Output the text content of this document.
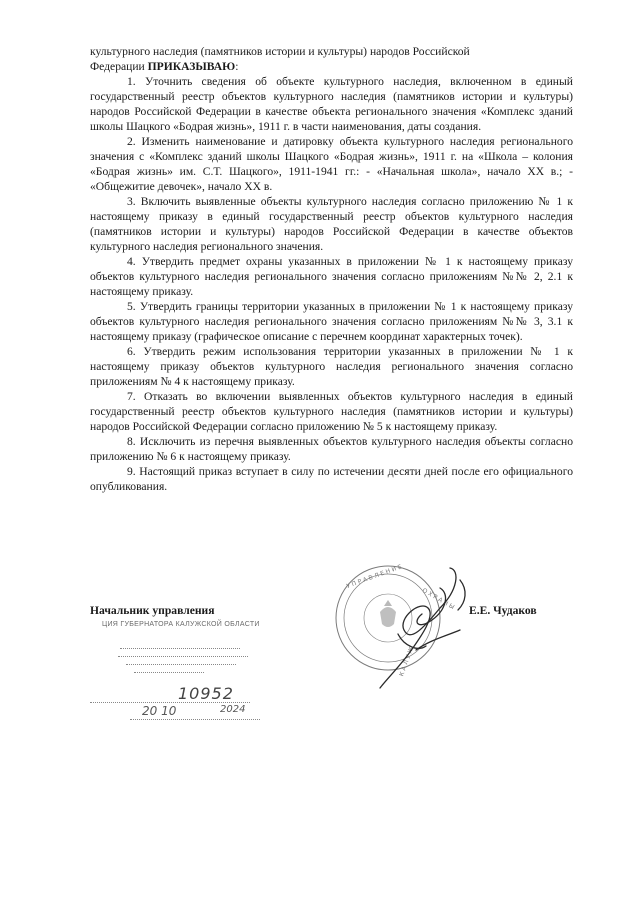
культурного наследия (памятников истории и культуры) народов Российской
Федерации ПРИКАЗЫВАЮ:

1. Уточнить сведения об объекте культурного наследия, включенном в единый государственный реестр объектов культурного наследия (памятников истории и культуры) народов Российской Федерации в качестве объекта регионального значения «Комплекс зданий школы Шацкого «Бодрая жизнь», 1911 г. в части наименования, даты создания.

2. Изменить наименование и датировку объекта культурного наследия регионального значения с «Комплекс зданий школы Шацкого «Бодрая жизнь», 1911 г. на «Школа – колония «Бодрая жизнь» им. С.Т. Шацкого», 1911-1941 гг.: - «Начальная школа», начало XX в.; - «Общежитие девочек», начало XX в.

3. Включить выявленные объекты культурного наследия согласно приложению № 1 к настоящему приказу в единый государственный реестр объектов культурного наследия (памятников истории и культуры) народов Российской Федерации в качестве объектов культурного наследия регионального значения.

4. Утвердить предмет охраны указанных в приложении № 1 к настоящему приказу объектов культурного наследия регионального значения согласно приложениям №№ 2, 2.1 к настоящему приказу.

5. Утвердить границы территории указанных в приложении № 1 к настоящему приказу объектов культурного наследия регионального значения согласно приложениям №№ 3, 3.1 к настоящему приказу (графическое описание с перечнем координат характерных точек).

6. Утвердить режим использования территории указанных в приложении № 1 к настоящему приказу объектов культурного наследия регионального значения согласно приложениям № 4 к настоящему приказу.

7. Отказать во включении выявленных объектов культурного наследия в единый государственный реестр объектов культурного наследия (памятников истории и культуры) народов Российской Федерации согласно приложению № 5 к настоящему приказу.

8. Исключить из перечня выявленных объектов культурного наследия объекты согласно приложению № 6 к настоящему приказу.

9. Настоящий приказ вступает в силу по истечении десяти дней после его официального опубликования.

У П Р А В Л Е Н И Е
О Х Р А Н Ы
К А Л У Ж
Начальник управления	Е.Е. Чудаков
ЦИЯ ГУБЕРНАТОРА КАЛУЖСКОЙ ОБЛАСТИ
10952
20 10	2024
